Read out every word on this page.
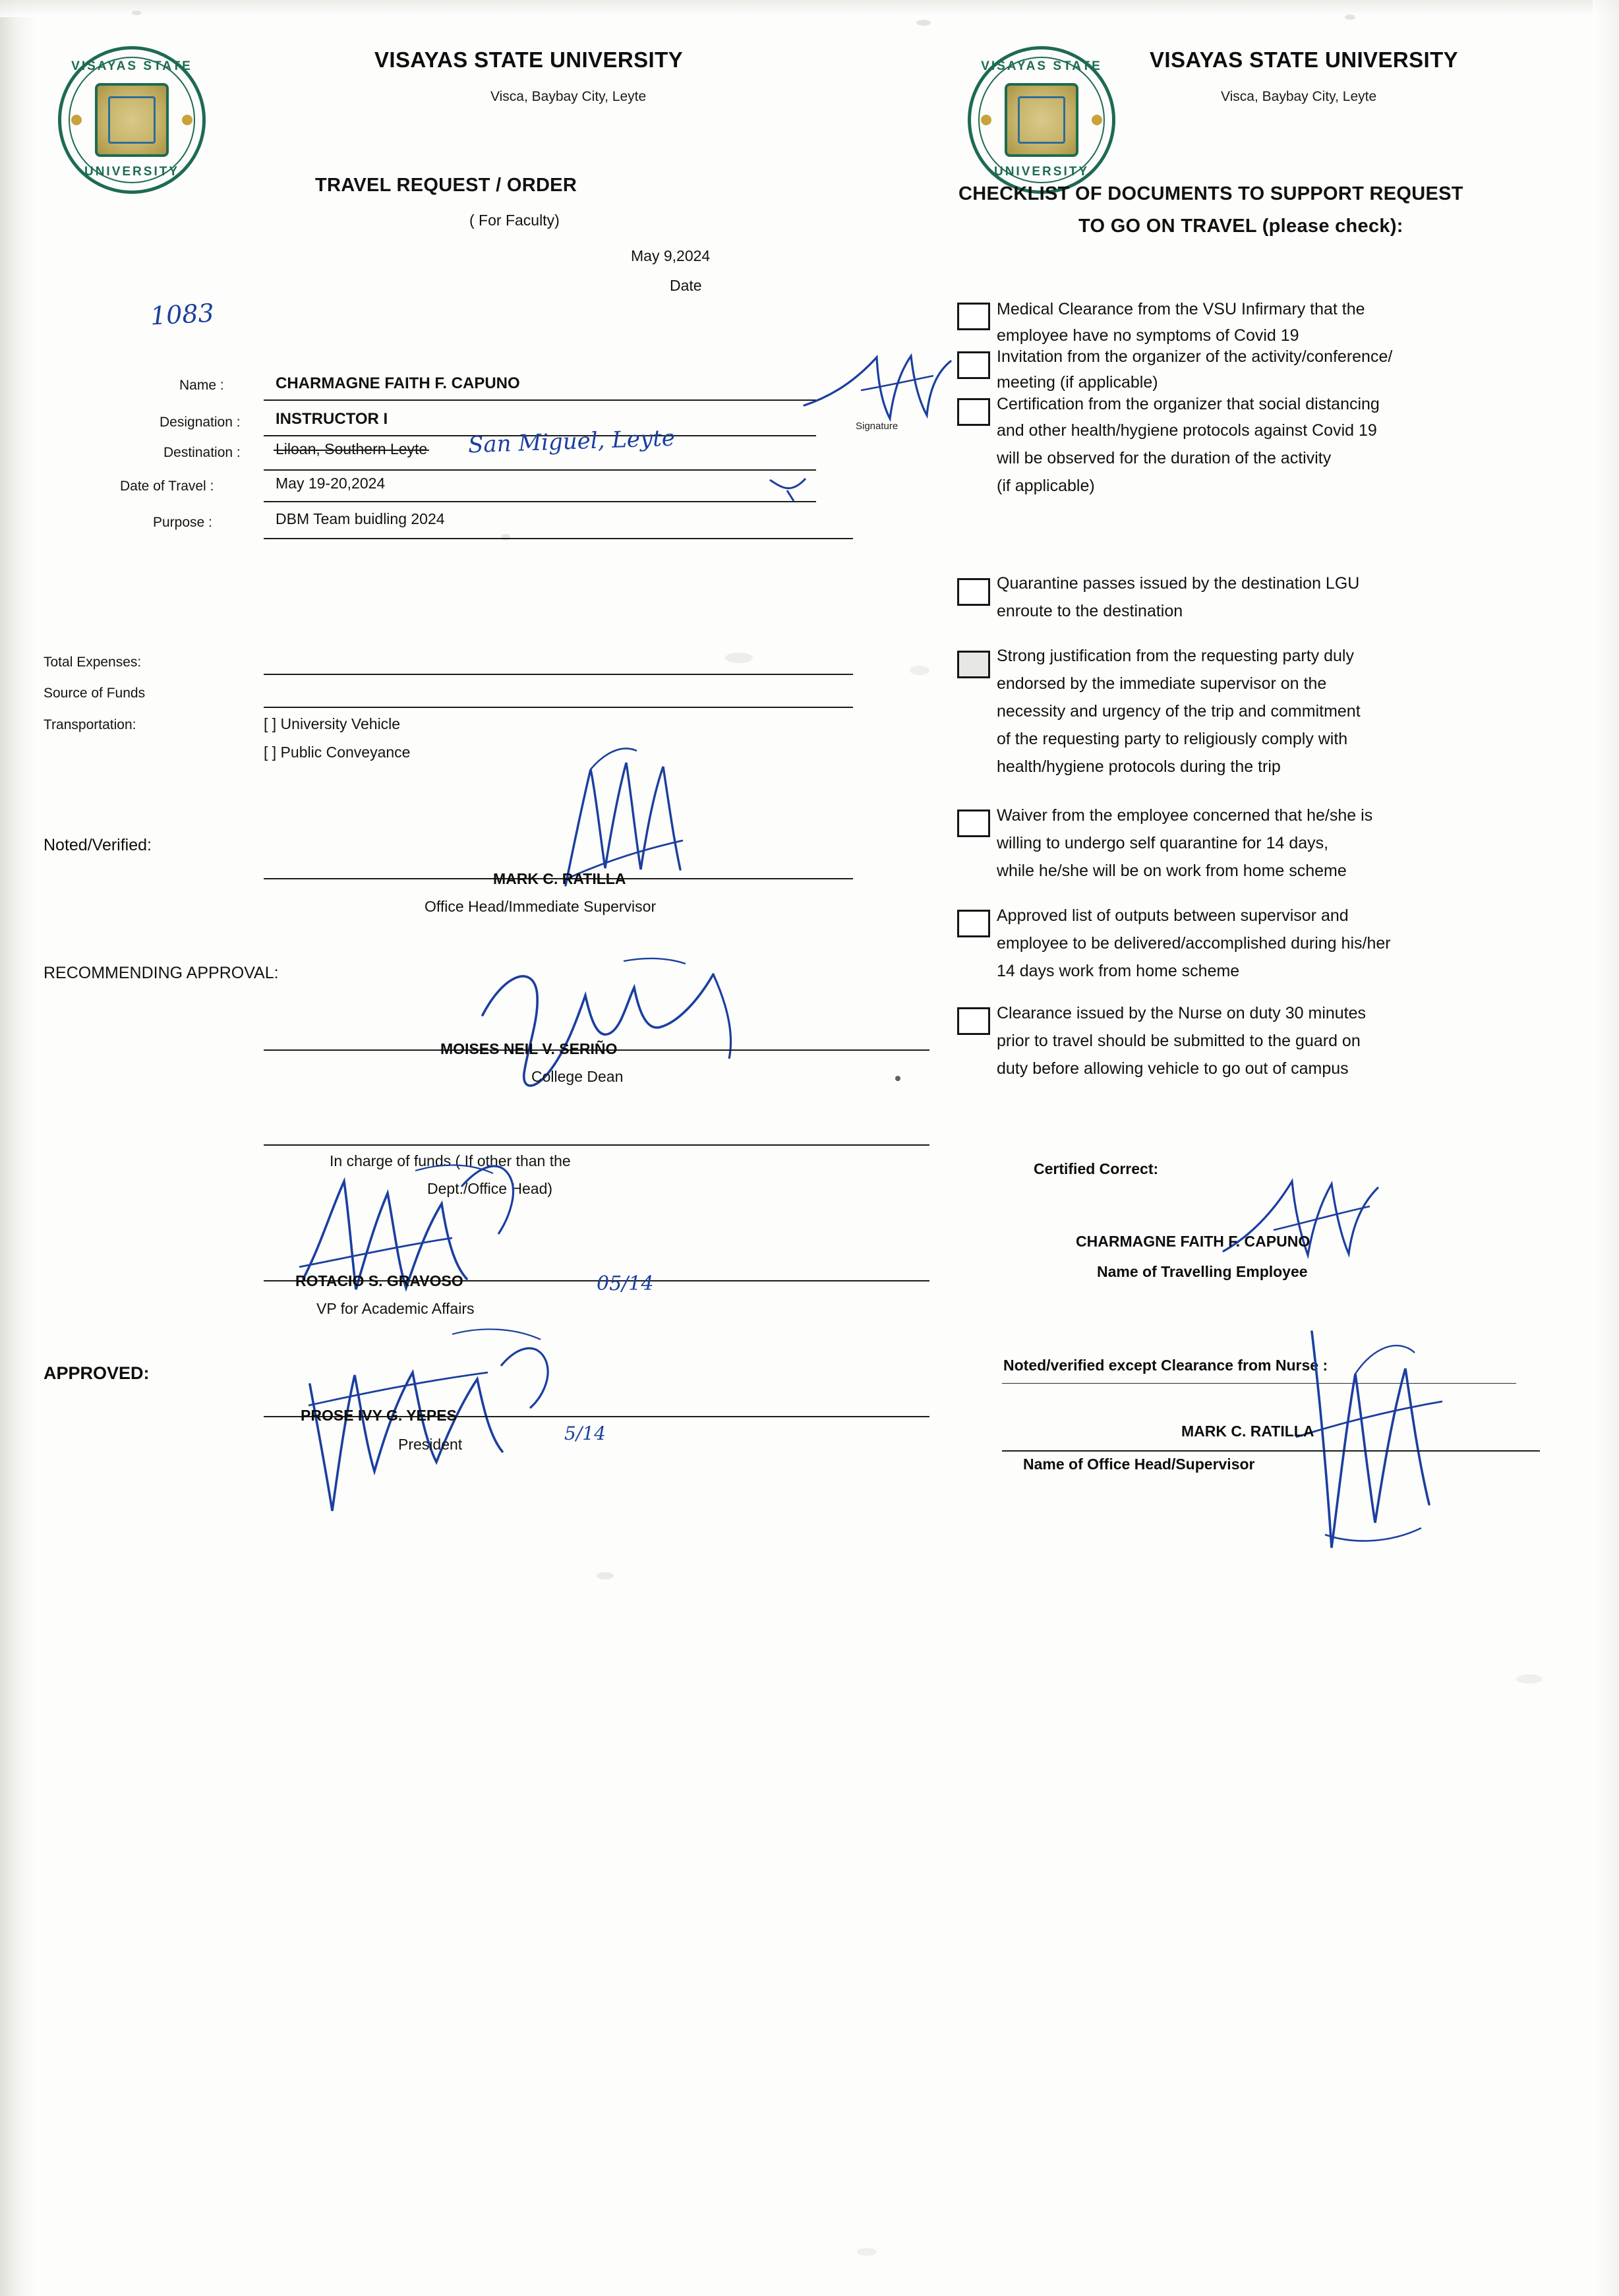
VISAYAS STATE
UNIVERSITY
VISAYAS STATE
UNIVERSITY
VISAYAS STATE UNIVERSITY
Visca, Baybay City, Leyte
TRAVEL REQUEST / ORDER
( For Faculty)
May 9,2024
Date
1083
Name :	CHARMAGNE FAITH F. CAPUNO
Designation : INSTRUCTOR I
Destination : Liloan, Southern Leyte San Miguel, Leyte
Date of Travel :	May 19-20,2024
Purpose :	DBM Team buidling 2024
Signature
Total Expenses:
Source of Funds
Transportation:	[ ] University Vehicle
[ ] Public Conveyance
Noted/Verified:
MARK C. RATILLA
Office Head/Immediate Supervisor
RECOMMENDING APPROVAL:
MOISES NEIL V. SERIÑO
College Dean
In charge of funds ( If other than the
Dept./Office Head)
ROTACIO S. GRAVOSO
VP for Academic Affairs
05/14
APPROVED:
PROSE IVY G. YEPES
President	5/14
VISAYAS STATE UNIVERSITY
Visca, Baybay City, Leyte
CHECKLIST OF DOCUMENTS TO SUPPORT REQUEST
TO GO ON TRAVEL (please check):
Medical Clearance from the VSU Infirmary that the
employee have no symptoms of Covid 19
Invitation from the organizer of the activity/conference/
meeting (if applicable)
Certification from the organizer that social distancing
and other health/hygiene protocols against Covid 19
will be observed for the duration of the activity
(if applicable)
Quarantine passes issued by the destination LGU
enroute to the destination
Strong justification from the requesting party duly
endorsed by the immediate supervisor on the
necessity and urgency of the trip and commitment
of the requesting party to religiously comply with
health/hygiene protocols during the trip
Waiver from the employee concerned that he/she is
willing to undergo self quarantine for 14 days,
while he/she will be on work from home scheme
Approved list of outputs between supervisor and
employee to be delivered/accomplished during his/her
14 days work from home scheme
Clearance issued by the Nurse on duty 30 minutes
prior to travel should be submitted to the guard on
duty before allowing vehicle to go out of campus
Certified Correct:
CHARMAGNE FAITH F. CAPUNO
Name of Travelling Employee
Noted/verified except Clearance from Nurse :
MARK C. RATILLA
Name of Office Head/Supervisor
